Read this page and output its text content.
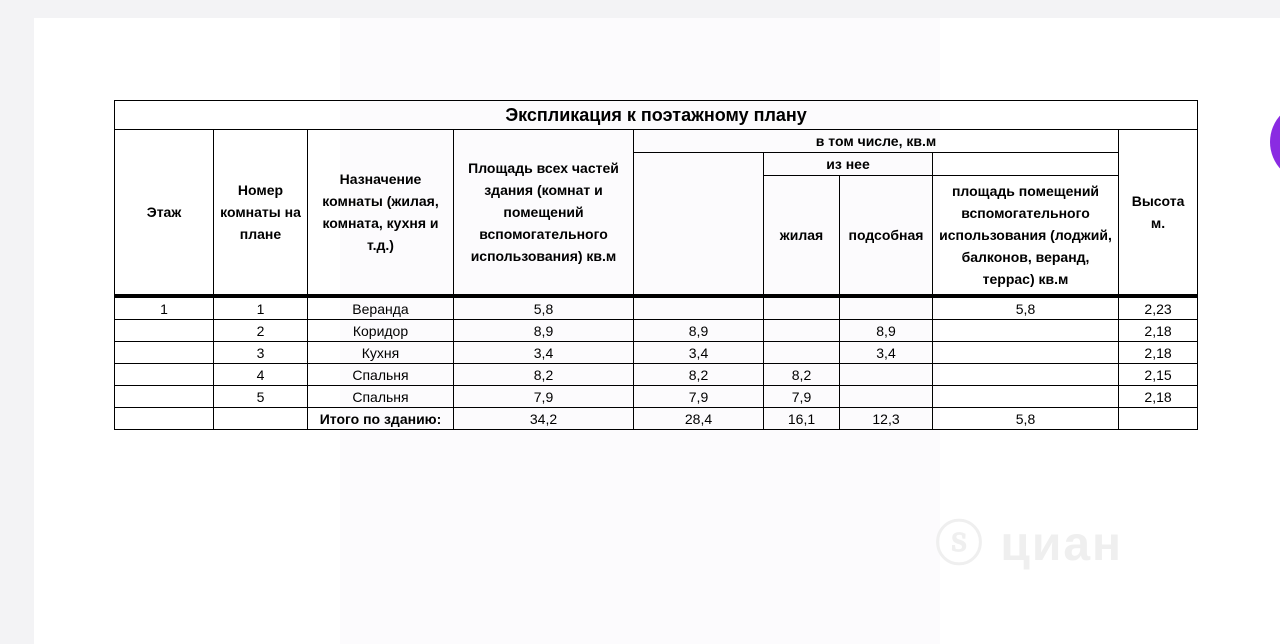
ⓢ циан
Экспликация к поэтажному плану								
Этаж	Номер комнаты на плане	Назначение комнаты (жилая, комната, кухня и т.д.)	Площадь всех частей здания (комнат и помещений вспомогательного использования) кв.м	в том числе, кв.м				Высота м.
					из нее			
					жилая	подсобная	площадь помещений вспомогательного использования (лоджий, балконов, веранд, террас) кв.м	
1	1	Веранда	5,8				5,8	2,23
	2	Коридор	8,9	8,9		8,9		2,18
	3	Кухня	3,4	3,4		3,4		2,18
	4	Спальня	8,2	8,2	8,2			2,15
	5	Спальня	7,9	7,9	7,9			2,18
		Итого по зданию:	34,2	28,4	16,1	12,3	5,8	
